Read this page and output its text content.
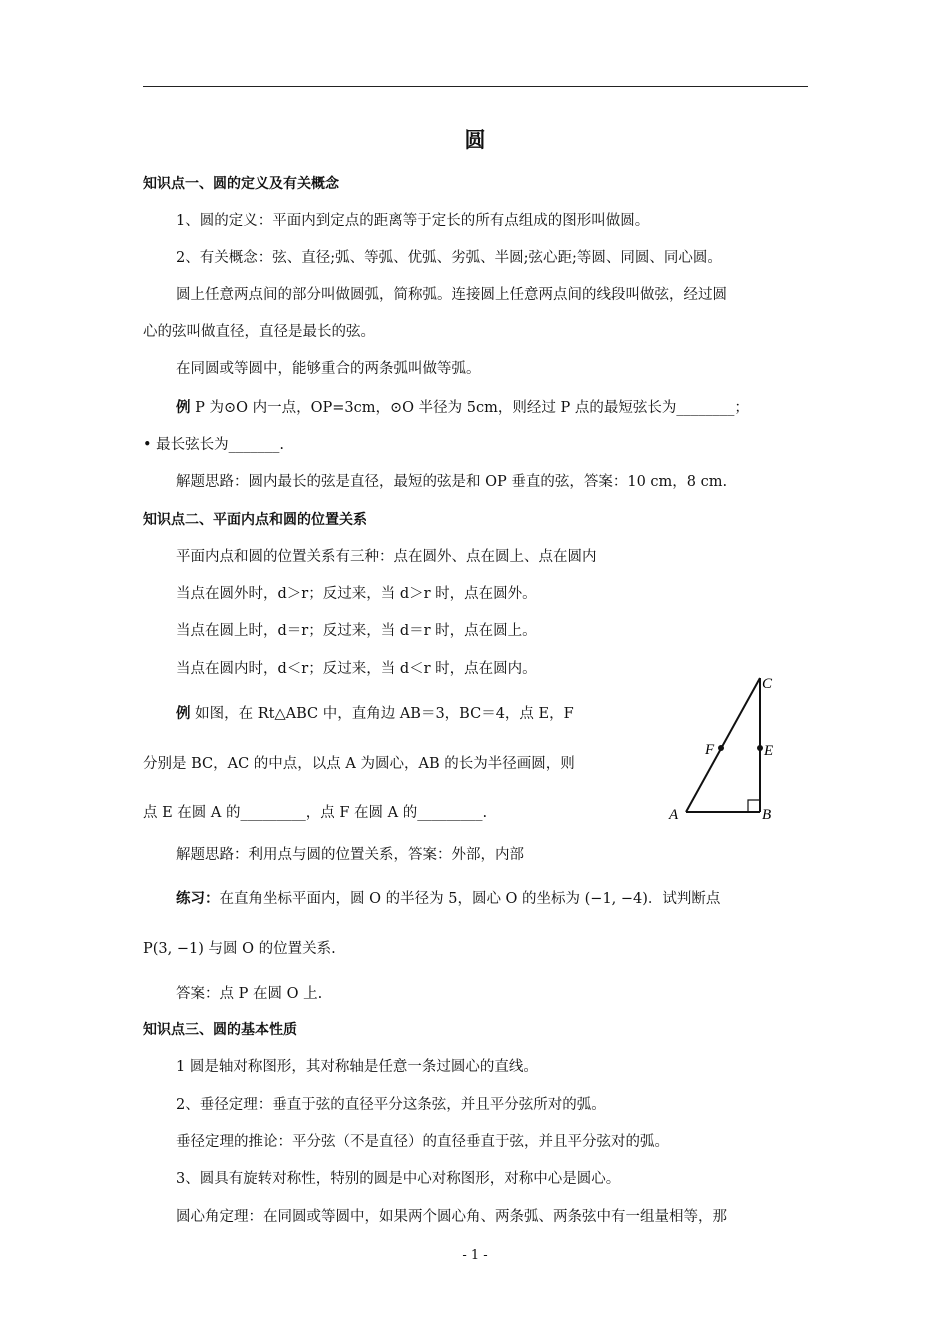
圆
知识点一、圆的定义及有关概念
1、圆的定义：平面内到定点的距离等于定长的所有点组成的图形叫做圆。
2、有关概念：弦、直径;弧、等弧、优弧、劣弧、半圆;弦心距;等圆、同圆、同心圆。
圆上任意两点间的部分叫做圆弧，简称弧。连接圆上任意两点间的线段叫做弦，经过圆
心的弦叫做直径，直径是最长的弦。
在同圆或等圆中，能够重合的两条弧叫做等弧。
例 P 为⊙O 内一点，OP=3cm，⊙O 半径为 5cm，则经过 P 点的最短弦长为________；
• 最长弦长为_______.
解题思路：圆内最长的弦是直径，最短的弦是和 OP 垂直的弦，答案：10 cm，8 cm.
知识点二、平面内点和圆的位置关系
平面内点和圆的位置关系有三种：点在圆外、点在圆上、点在圆内
当点在圆外时，d＞r；反过来，当 d＞r 时，点在圆外。
当点在圆上时，d＝r；反过来，当 d＝r 时，点在圆上。
当点在圆内时，d＜r；反过来，当 d＜r 时，点在圆内。
例 如图，在 Rt△ABC 中，直角边 AB＝3，BC＝4，点 E，F
分别是 BC，AC 的中点，以点 A 为圆心，AB 的长为半径画圆，则
点 E 在圆 A 的_________，点 F 在圆 A 的_________.
解题思路：利用点与圆的位置关系，答案：外部，内部
练习：在直角坐标平面内，圆 O 的半径为 5，圆心 O 的坐标为 (−1, −4)．试判断点
P(3, −1) 与圆 O 的位置关系.
答案：点 P 在圆 O 上.
C
E
F
A	B
知识点三、圆的基本性质
1 圆是轴对称图形，其对称轴是任意一条过圆心的直线。
2、垂径定理：垂直于弦的直径平分这条弦，并且平分弦所对的弧。
垂径定理的推论：平分弦（不是直径）的直径垂直于弦，并且平分弦对的弧。
3、圆具有旋转对称性，特别的圆是中心对称图形，对称中心是圆心。
圆心角定理：在同圆或等圆中，如果两个圆心角、两条弧、两条弦中有一组量相等，那
- 1 -
